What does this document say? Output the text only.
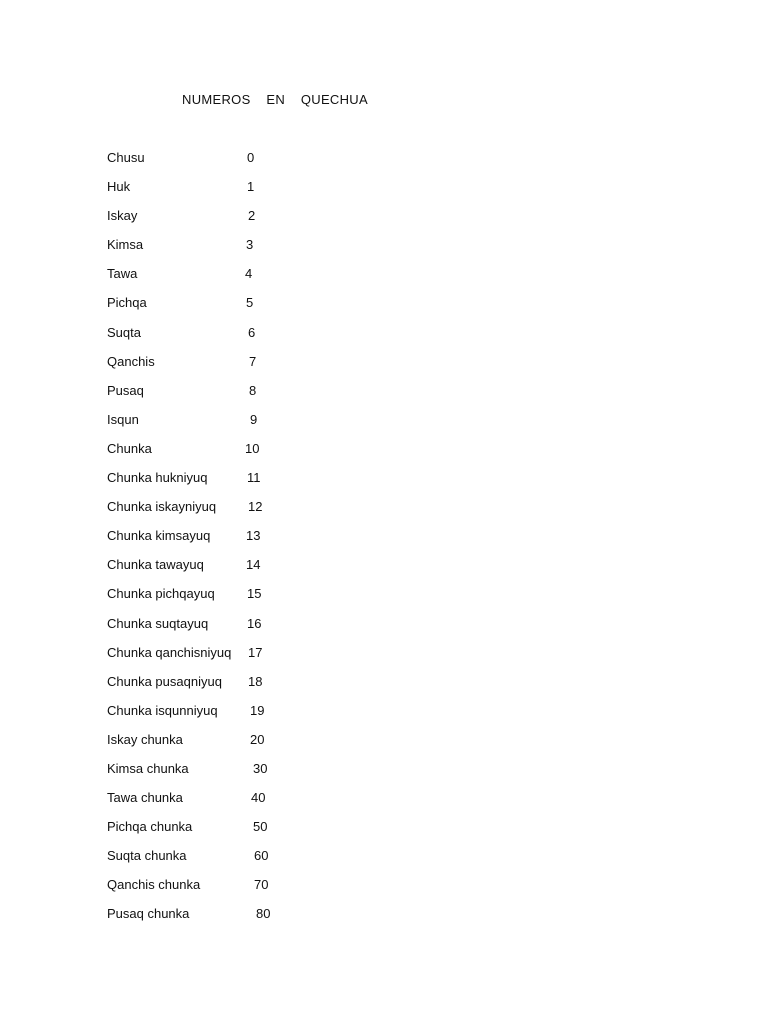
NUMEROS  EN  QUECHUA
Chusu	0
Huk	1
Iskay	2
Kimsa	3
Tawa	4
Pichqa	5
Suqta	6
Qanchis	7
Pusaq	8
Isqun	9
Chunka	10
Chunka hukniyuq	11
Chunka iskayniyuq 12
Chunka kimsayuq	13
Chunka tawayuq	14
Chunka pichqayuq 15
Chunka suqtayuq	16
Chunka qanchisniyuq 17
Chunka pusaqniyuq 18
Chunka isqunniyuq 19
Iskay chunka	20
Kimsa chunka	30
Tawa chunka	40
Pichqa chunka	50
Suqta chunka	60
Qanchis chunka	70
Pusaq chunka	80
